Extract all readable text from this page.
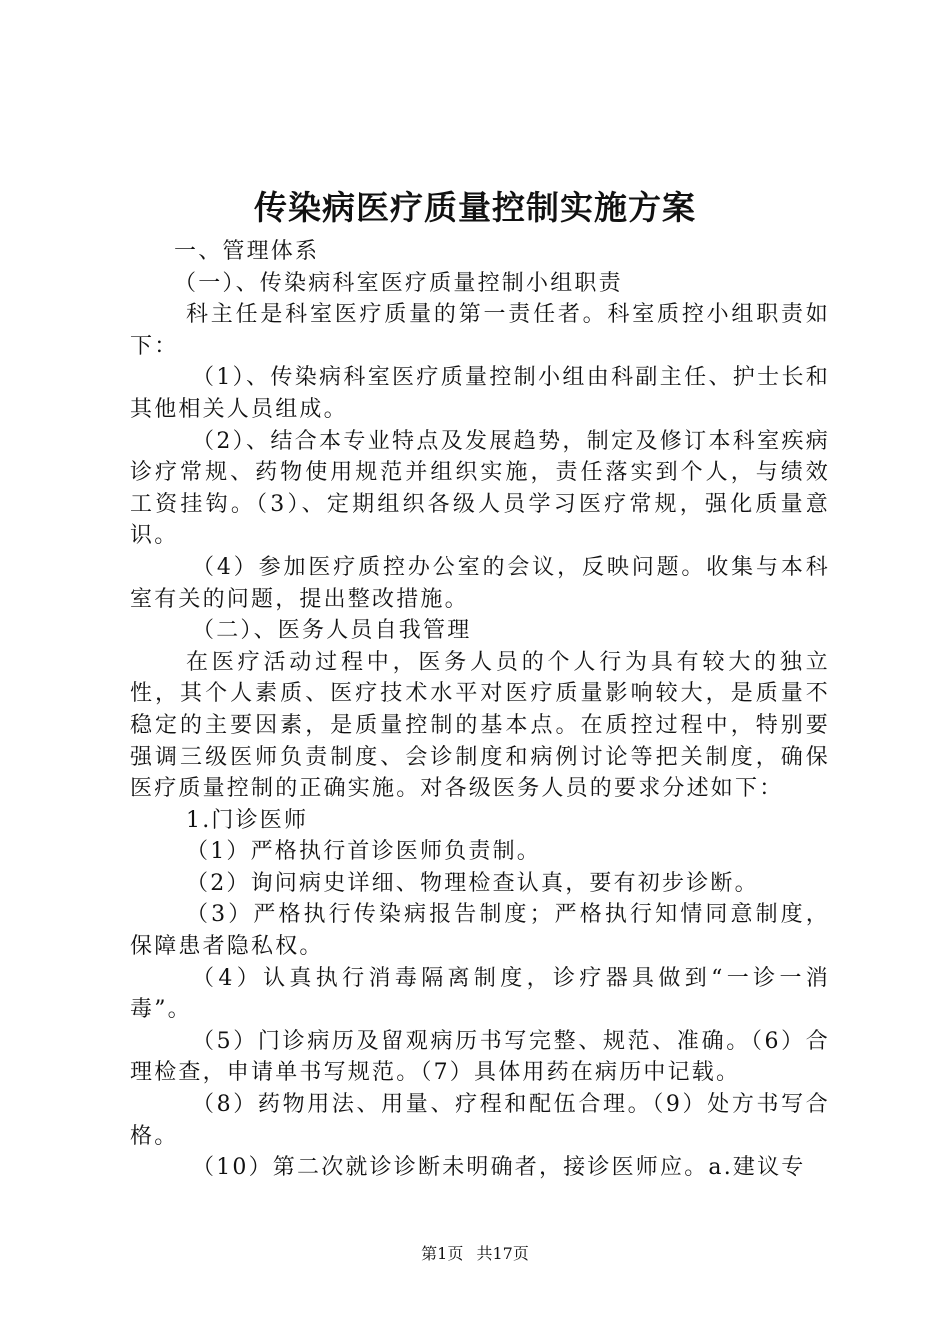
传染病医疗质量控制实施方案

一、管理体系

（一）、传染病科室医疗质量控制小组职责

科主任是科室医疗质量的第一责任者。科室质控小组职责如下：

（1）、传染病科室医疗质量控制小组由科副主任、护士长和其他相关人员组成。

（2）、结合本专业特点及发展趋势，制定及修订本科室疾病诊疗常规、药物使用规范并组织实施，责任落实到个人，与绩效工资挂钩。（3）、定期组织各级人员学习医疗常规，强化质量意识。

（4）参加医疗质控办公室的会议，反映问题。收集与本科室有关的问题，提出整改措施。

（二）、医务人员自我管理

在医疗活动过程中，医务人员的个人行为具有较大的独立性，其个人素质、医疗技术水平对医疗质量影响较大，是质量不稳定的主要因素，是质量控制的基本点。在质控过程中，特别要强调三级医师负责制度、会诊制度和病例讨论等把关制度，确保医疗质量控制的正确实施。对各级医务人员的要求分述如下：

1.门诊医师

（1）严格执行首诊医师负责制。

（2）询问病史详细、物理检查认真，要有初步诊断。

（3）严格执行传染病报告制度；严格执行知情同意制度，保障患者隐私权。

（4）认真执行消毒隔离制度，诊疗器具做到“一诊一消毒”。

（5）门诊病历及留观病历书写完整、规范、准确。（6）合理检查，申请单书写规范。（7）具体用药在病历中记载。

（8）药物用法、用量、疗程和配伍合理。（9）处方书写合格。

（10）第二次就诊诊断未明确者，接诊医师应。a.建议专

第1页 共17页
